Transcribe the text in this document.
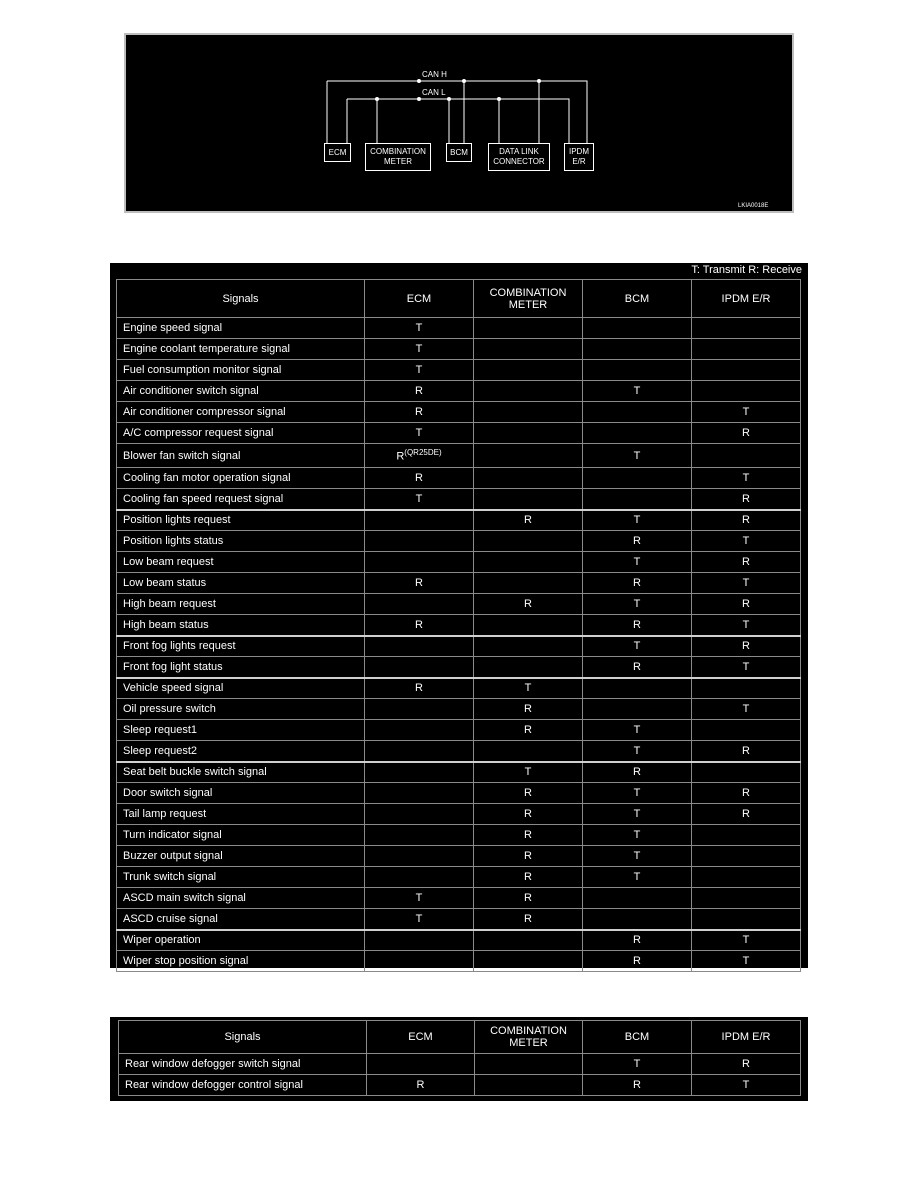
CAN H
CAN L
ECM	COMBINATION METER
BCM	DATA LINK CONNECTOR
IPDM E/R
LKIA0018E
T: Transmit R: Receive
Signals	ECM	COMBINATION METER	BCM	IPDM E/R
Engine speed signal	T			
Engine coolant temperature signal	T			
Fuel consumption monitor signal	T			
Air conditioner switch signal	R		T	
Air conditioner compressor signal	R			T
A/C compressor request signal	T			R
Blower fan switch signal	$R^{(QR25DE)}$		T	
Cooling fan motor operation signal	R			T
Cooling fan speed request signal	T			R
Position lights request		R	T	R
Position lights status			R	T
Low beam request			T	R
Low beam status	R		R	T
High beam request		R	T	R
High beam status	R		R	T
Front fog lights request			T	R
Front fog light status			R	T
Vehicle speed signal	R	T		
Oil pressure switch		R		T
Sleep request1		R	T	
Sleep request2			T	R
Seat belt buckle switch signal		T	R	
Door switch signal		R	T	R
Tail lamp request		R	T	R
Turn indicator signal		R	T	
Buzzer output signal		R	T	
Trunk switch signal		R	T	
ASCD main switch signal	T	R		
ASCD cruise signal	T	R		
Wiper operation			R	T
Wiper stop position signal			R	T
Signals	ECM	COMBINATION METER	BCM	IPDM E/R
Rear window defogger switch signal			T	R
Rear window defogger control signal	R		R	T
